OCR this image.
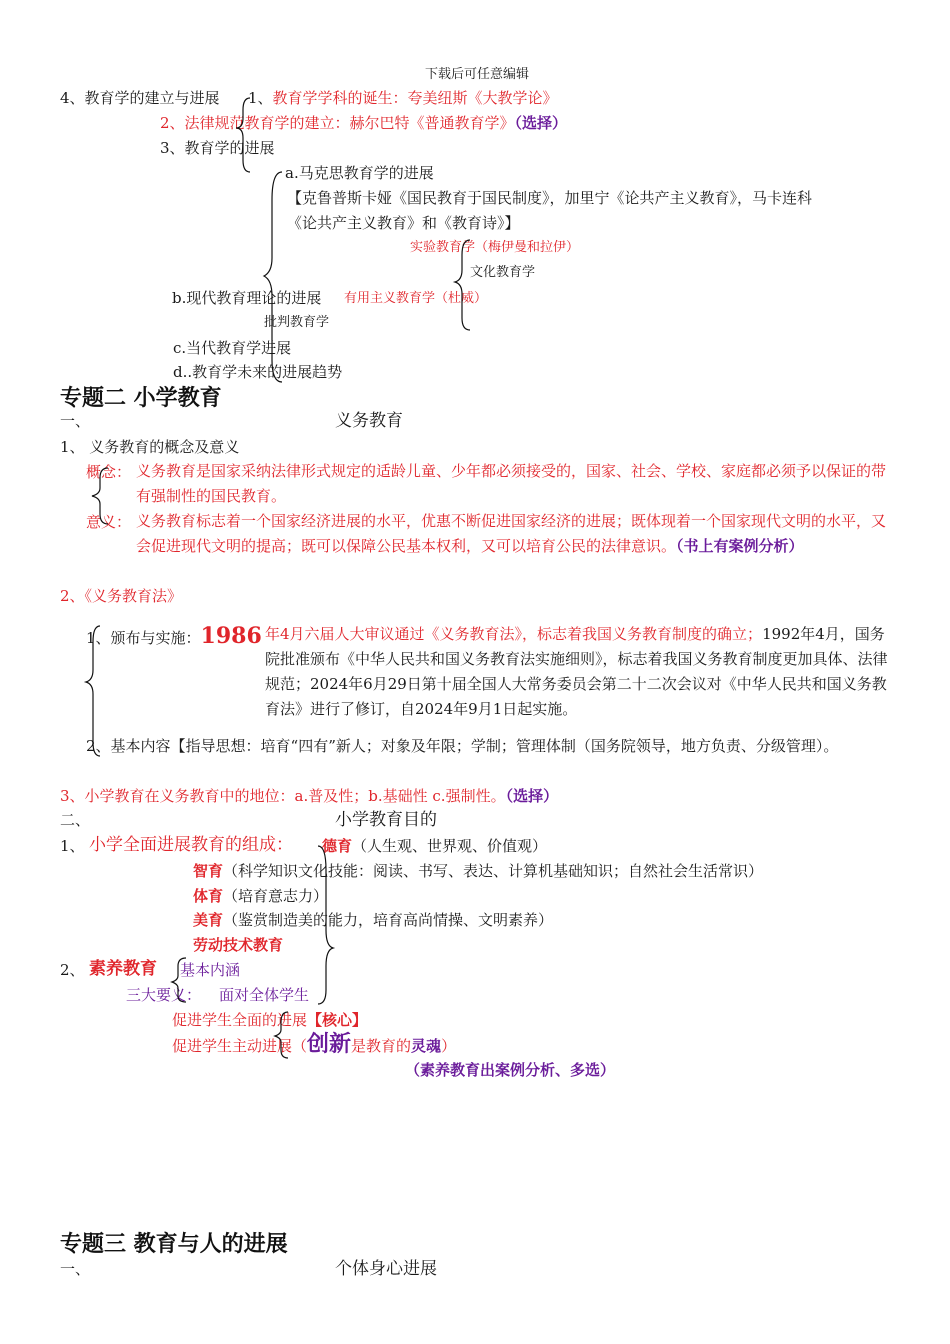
下载后可任意编辑
4、教育学的建立与进展 1、教育学学科的诞生：夸美纽斯《大教学论》
2、法律规范教育学的建立：赫尔巴特《普通教育学》（选择）
3、教育学的进展
a.马克思教育学的进展
【克鲁普斯卡娅《国民教育于国民制度》，加里宁《论共产主义教育》，马卡连科
《论共产主义教育》和《教育诗》】
实验教育学（梅伊曼和拉伊）
文化教育学
b.现代教育理论的进展 有用主义教育学（杜威）
批判教育学
c.当代教育学进展
d..教育学未来的进展趋势
专题二 小学教育
一、	义务教育
1、 义务教育的概念及意义
概念： 义务教育是国家采纳法律形式规定的适龄儿童、少年都必须接受的，国家、社会、学校、家庭都必须予以保证的带有强制性的国民教育。
意义： 义务教育标志着一个国家经济进展的水平，优惠不断促进国家经济的进展；既体现着一个国家现代文明的水平，又会促进现代文明的提高；既可以保障公民基本权利，又可以培育公民的法律意识。（书上有案例分析）
2、《义务教育法》
1、颁布与实施：1986 年4月六届人大审议通过《义务教育法》，标志着我国义务教育制度的确立；1992年4月，国务院批准颁布《中华人民共和国义务教育法实施细则》，标志着我国义务教育制度更加具体、法律规范；2024年6月29日第十届全国人大常务委员会第二十二次会议对《中华人民共和国义务教育法》进行了修订，自2024年9月1日起实施。
2、基本内容【指导思想：培育“四有”新人；对象及年限；学制；管理体制（国务院领导，地方负责、分级管理）。
3、小学教育在义务教育中的地位：a.普及性；b.基础性 c.强制性。（选择）
二、	小学教育目的
1、 小学全面进展教育的组成： 德育（人生观、世界观、价值观）
智育（科学知识文化技能：阅读、书写、表达、计算机基础知识；自然社会生活常识）
体育（培育意志力）
美育（鉴赏制造美的能力，培育高尚情操、文明素养）
劳动技术教育
2、 素养教育 基本内涵
三大要义： 面对全体学生
促进学生全面的进展【核心】
促进学生主动进展（创新是教育的灵魂）
（素养教育出案例分析、多选）
专题三 教育与人的进展
一、	个体身心进展
